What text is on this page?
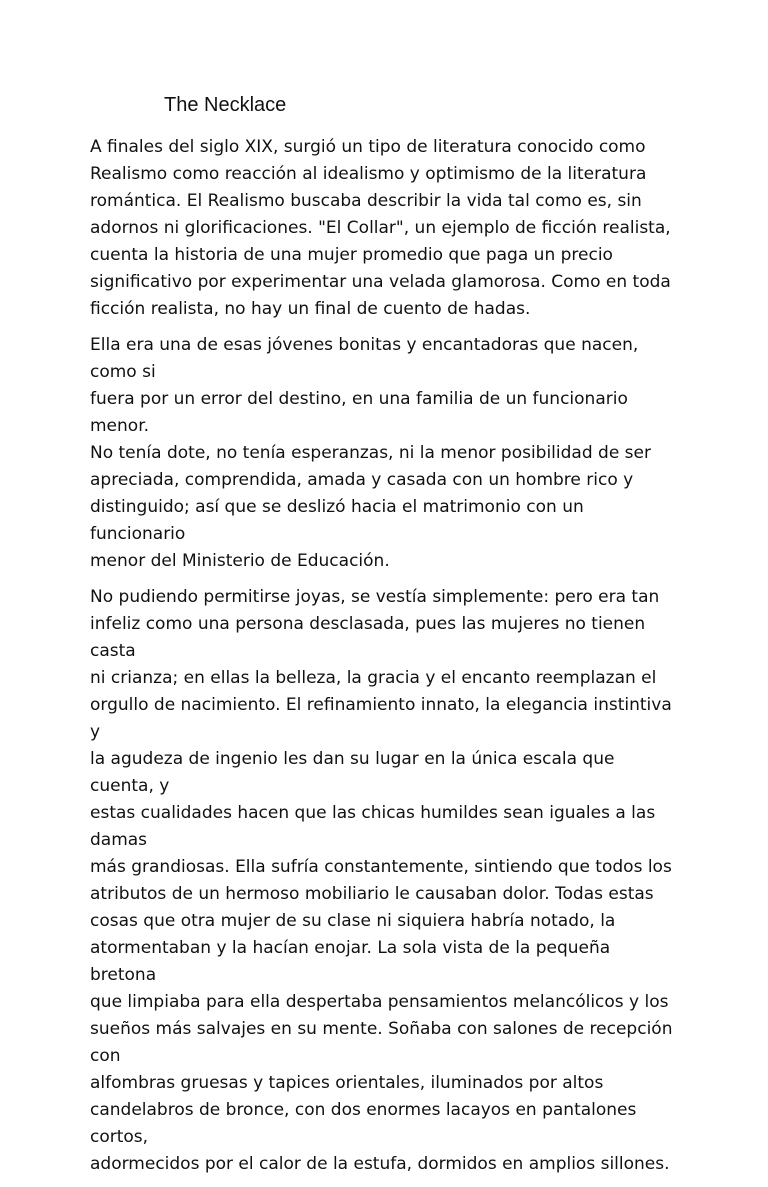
The Necklace

A finales del siglo XIX, surgió un tipo de literatura conocido como
Realismo como reacción al idealismo y optimismo de la literatura
romántica. El Realismo buscaba describir la vida tal como es, sin
adornos ni glorificaciones. "El Collar", un ejemplo de ficción realista,
cuenta la historia de una mujer promedio que paga un precio
significativo por experimentar una velada glamorosa. Como en toda
ficción realista, no hay un final de cuento de hadas.

Ella era una de esas jóvenes bonitas y encantadoras que nacen, como si
fuera por un error del destino, en una familia de un funcionario menor.
No tenía dote, no tenía esperanzas, ni la menor posibilidad de ser
apreciada, comprendida, amada y casada con un hombre rico y
distinguido; así que se deslizó hacia el matrimonio con un funcionario
menor del Ministerio de Educación.

No pudiendo permitirse joyas, se vestía simplemente: pero era tan
infeliz como una persona desclasada, pues las mujeres no tienen casta
ni crianza; en ellas la belleza, la gracia y el encanto reemplazan el
orgullo de nacimiento. El refinamiento innato, la elegancia instintiva y
la agudeza de ingenio les dan su lugar en la única escala que cuenta, y
estas cualidades hacen que las chicas humildes sean iguales a las damas
más grandiosas. Ella sufría constantemente, sintiendo que todos los
atributos de un hermoso mobiliario le causaban dolor. Todas estas
cosas que otra mujer de su clase ni siquiera habría notado, la
atormentaban y la hacían enojar. La sola vista de la pequeña bretona
que limpiaba para ella despertaba pensamientos melancólicos y los
sueños más salvajes en su mente. Soñaba con salones de recepción con
alfombras gruesas y tapices orientales, iluminados por altos
candelabros de bronce, con dos enormes lacayos en pantalones cortos,
adormecidos por el calor de la estufa, dormidos en amplios sillones.
